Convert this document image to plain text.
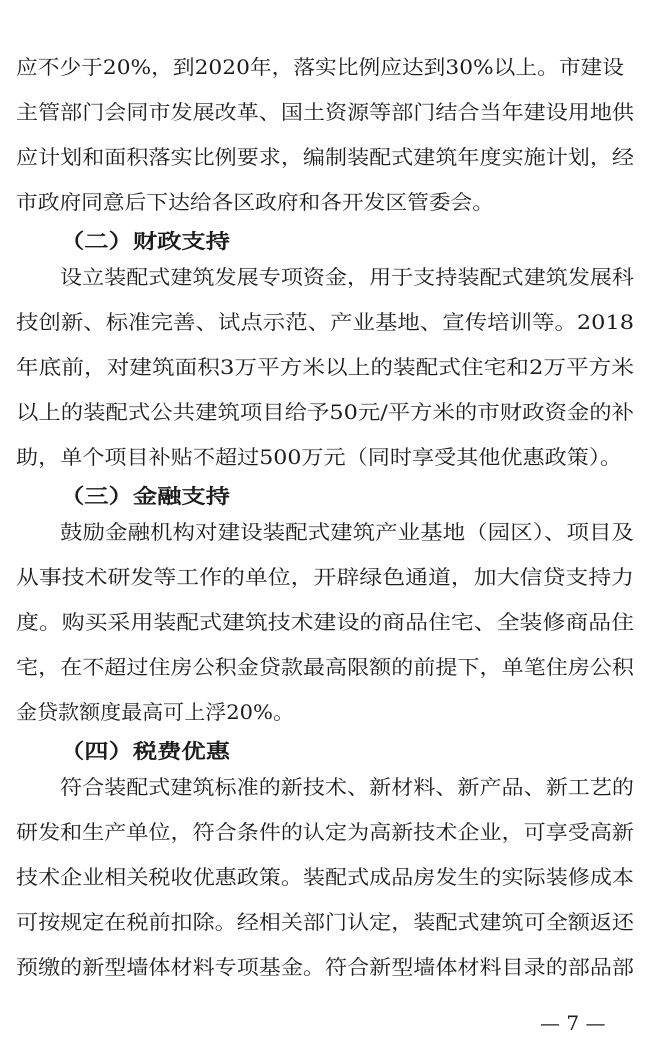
应不少于20%，到2020年，落实比例应达到30%以上。市建设
主管部门会同市发展改革、国土资源等部门结合当年建设用地供
应计划和面积落实比例要求，编制装配式建筑年度实施计划，经
市政府同意后下达给各区政府和各开发区管委会。
（二）财政支持
设立装配式建筑发展专项资金，用于支持装配式建筑发展科
技创新、标准完善、试点示范、产业基地、宣传培训等。2018
年底前，对建筑面积3万平方米以上的装配式住宅和2万平方米
以上的装配式公共建筑项目给予50元/平方米的市财政资金的补
助，单个项目补贴不超过500万元（同时享受其他优惠政策）。
（三）金融支持
鼓励金融机构对建设装配式建筑产业基地（园区）、项目及
从事技术研发等工作的单位，开辟绿色通道，加大信贷支持力
度。购买采用装配式建筑技术建设的商品住宅、全装修商品住
宅，在不超过住房公积金贷款最高限额的前提下，单笔住房公积
金贷款额度最高可上浮20%。
（四）税费优惠
符合装配式建筑标准的新技术、新材料、新产品、新工艺的
研发和生产单位，符合条件的认定为高新技术企业，可享受高新
技术企业相关税收优惠政策。装配式成品房发生的实际装修成本
可按规定在税前扣除。经相关部门认定，装配式建筑可全额返还
预缴的新型墙体材料专项基金。符合新型墙体材料目录的部品部
— 7 —
